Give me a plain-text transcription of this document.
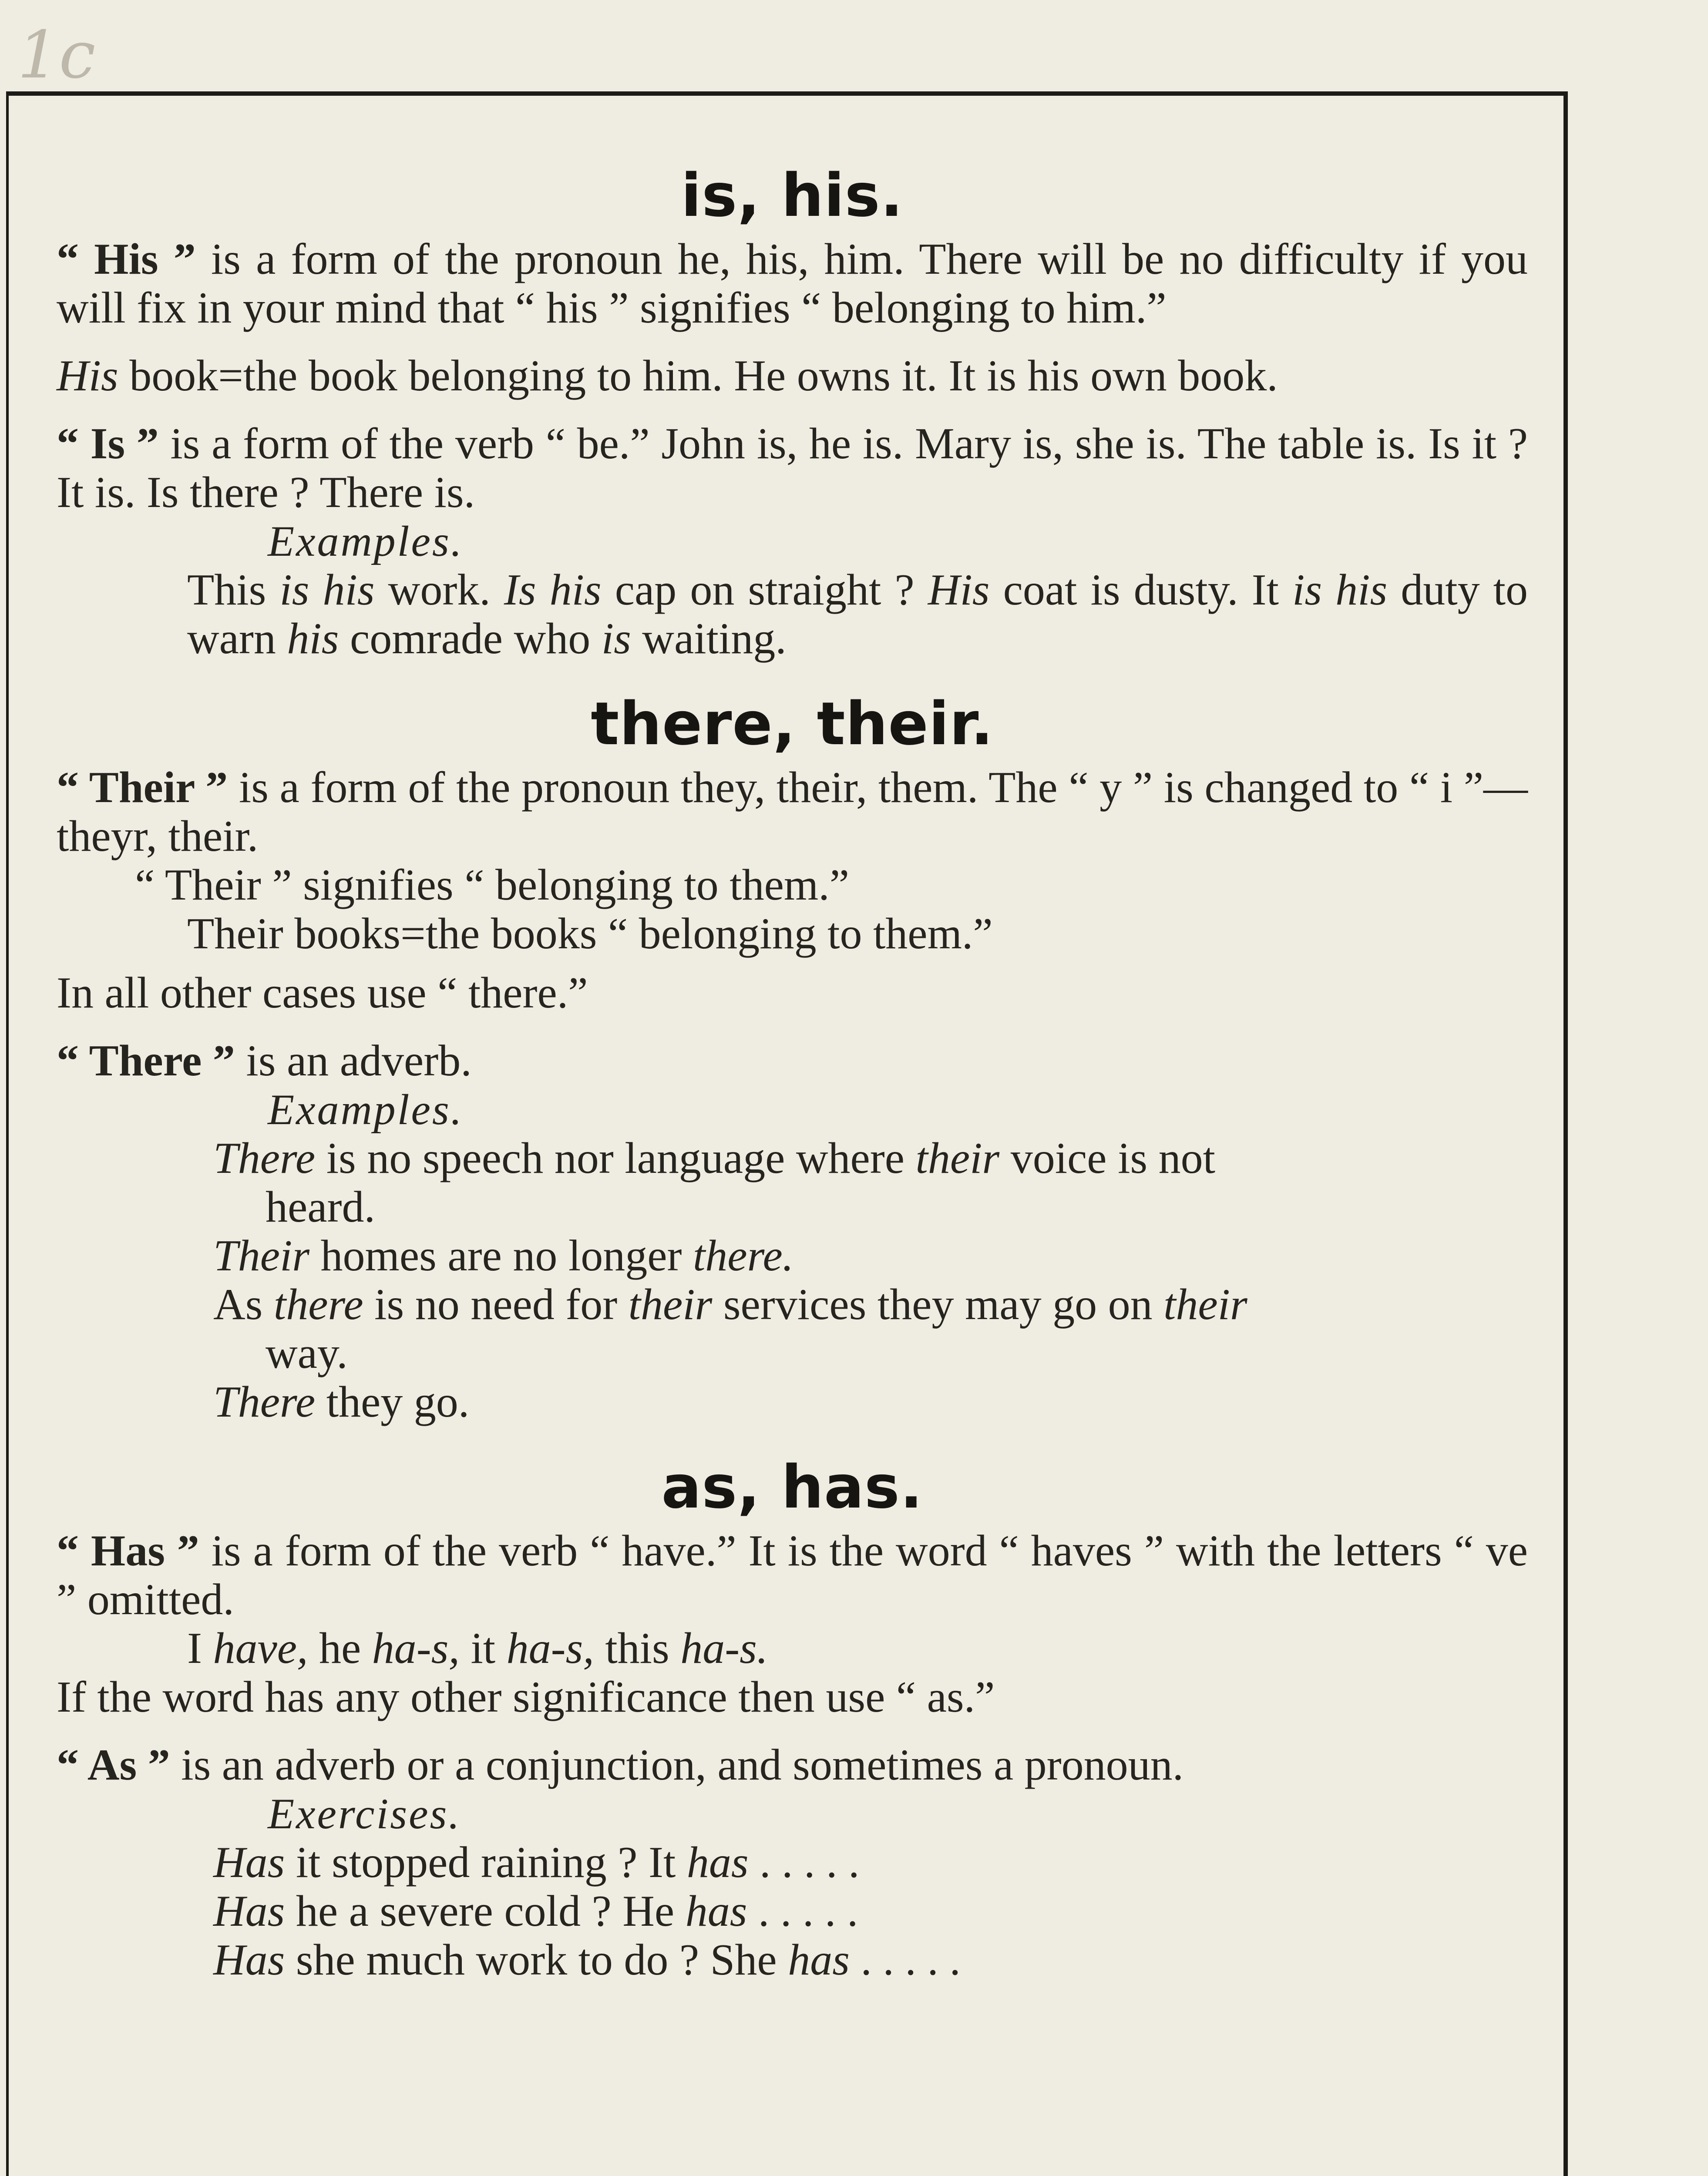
1c
is, his.

“ His ” is a form of the pronoun he, his, him. There will be no difficulty if you will fix in your mind that “ his ” signifies “ belonging to him.”

His book=the book belonging to him. He owns it. It is his own book.

“ Is ” is a form of the verb “ be.” John is, he is. Mary is, she is. The table is. Is it ? It is. Is there ? There is.

Examples.
This is his work. Is his cap on straight ? His coat is dusty. It is his duty to warn his comrade who is waiting.
there, their.

“ Their ” is a form of the pronoun they, their, them. The “ y ” is changed to “ i ”—theyr, their.

“ Their ” signifies “ belonging to them.”

Their books=the books “ belonging to them.”

In all other cases use “ there.”

“ There ” is an adverb.

Examples.
There is no speech nor language where their voice is not
heard.
Their homes are no longer there.
As there is no need for their services they may go on their
way.
There they go.
as, has.

“ Has ” is a form of the verb “ have.” It is the word “ haves ” with the letters “ ve ” omitted.

I have, he ha-s, it ha-s, this ha-s.

If the word has any other significance then use “ as.”

“ As ” is an adverb or a conjunction, and sometimes a pronoun.

Exercises.
Has it stopped raining ? It has . . . . .
Has he a severe cold ? He has . . . . .
Has she much work to do ? She has . . . . .
